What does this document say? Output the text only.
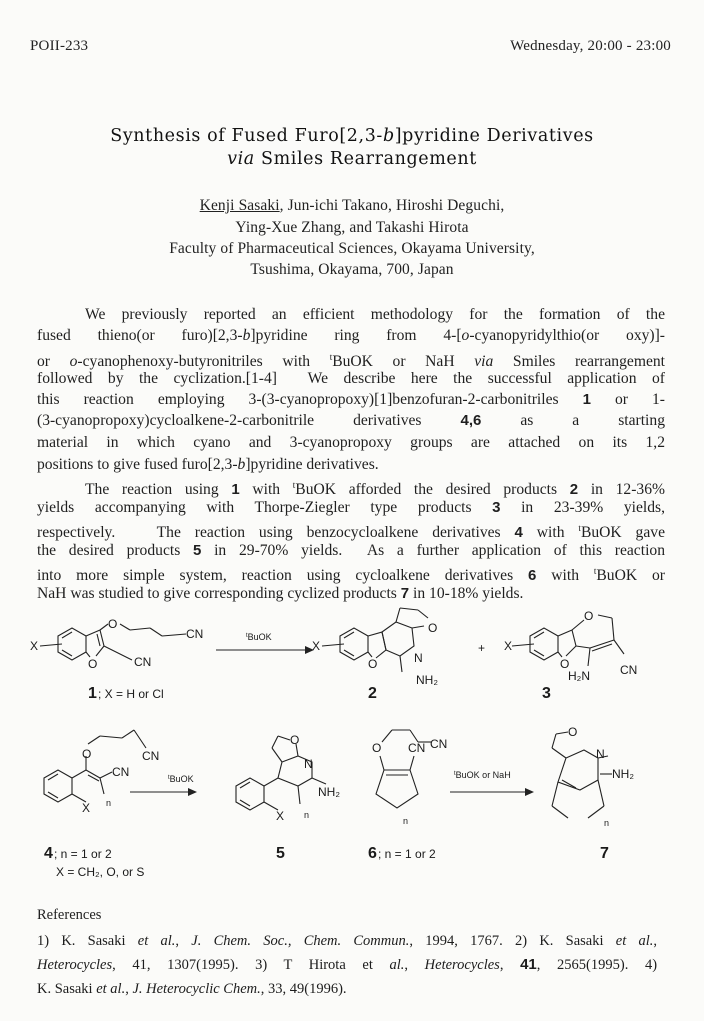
POII-233	Wednesday, 20:00 - 23:00
Synthesis of Fused Furo[2,3-b]pyridine Derivatives
via Smiles Rearrangement
Kenji Sasaki, Jun-ichi Takano, Hiroshi Deguchi,
Ying-Xue Zhang, and Takashi Hirota
Faculty of Pharmaceutical Sciences, Okayama University,
Tsushima, Okayama, 700, Japan
We previously reported an efficient methodology for the formation of the
fused thieno(or furo)[2,3-b]pyridine ring from 4-[o-cyanopyridylthio(or oxy)]-
or o-cyanophenoxy-butyronitriles with $^t$BuOK or NaH via Smiles rearrangement
followed by the cyclization.[1-4]  We describe here the successful application of
this reaction employing 3-(3-cyanopropoxy)[1]benzofuran-2-carbonitriles 1 or 1-
(3-cyanopropoxy)cycloalkene-2-carbonitrile derivatives 4,6 as a starting
material in which cyano and 3-cyanopropoxy groups are attached on its 1,2
positions to give fused furo[2,3-b]pyridine derivatives.
The reaction using 1 with $^t$BuOK afforded the desired products 2 in 12-36%
yields accompanying with Thorpe-Ziegler type products 3 in 23-39% yields,
respectively.   The reaction using benzocycloalkene derivatives 4 with $^t$BuOK gave
the desired products 5 in 29-70% yields.  As a further application of this reaction
into more simple system, reaction using cycloalkene derivatives 6 with $^t$BuOK or
NaH was studied to give corresponding cyclized products 7 in 10-18% yields.
X
O
O
CN
CN
$^t$BuOK
X
O
O
N
NH₂
+ X
O
O
H₂N	CN
1 ; X = H or Cl	2	3
O	CN
CN
X n
$^t$BuOK
O
N
NH₂
X n
O	CN
CN
n
$^t$BuOK or NaH
O
N
NH₂
n
4 ; n = 1 or 2
X = CH₂, O, or S
5	6 ; n = 1 or 2	7
References
1) K. Sasaki et al., J. Chem. Soc., Chem. Commun., 1994, 1767. 2) K. Sasaki et al.,
Heterocycles, 41, 1307(1995). 3) T Hirota et al., Heterocycles, 41, 2565(1995). 4)
K. Sasaki et al., J. Heterocyclic Chem., 33, 49(1996).
